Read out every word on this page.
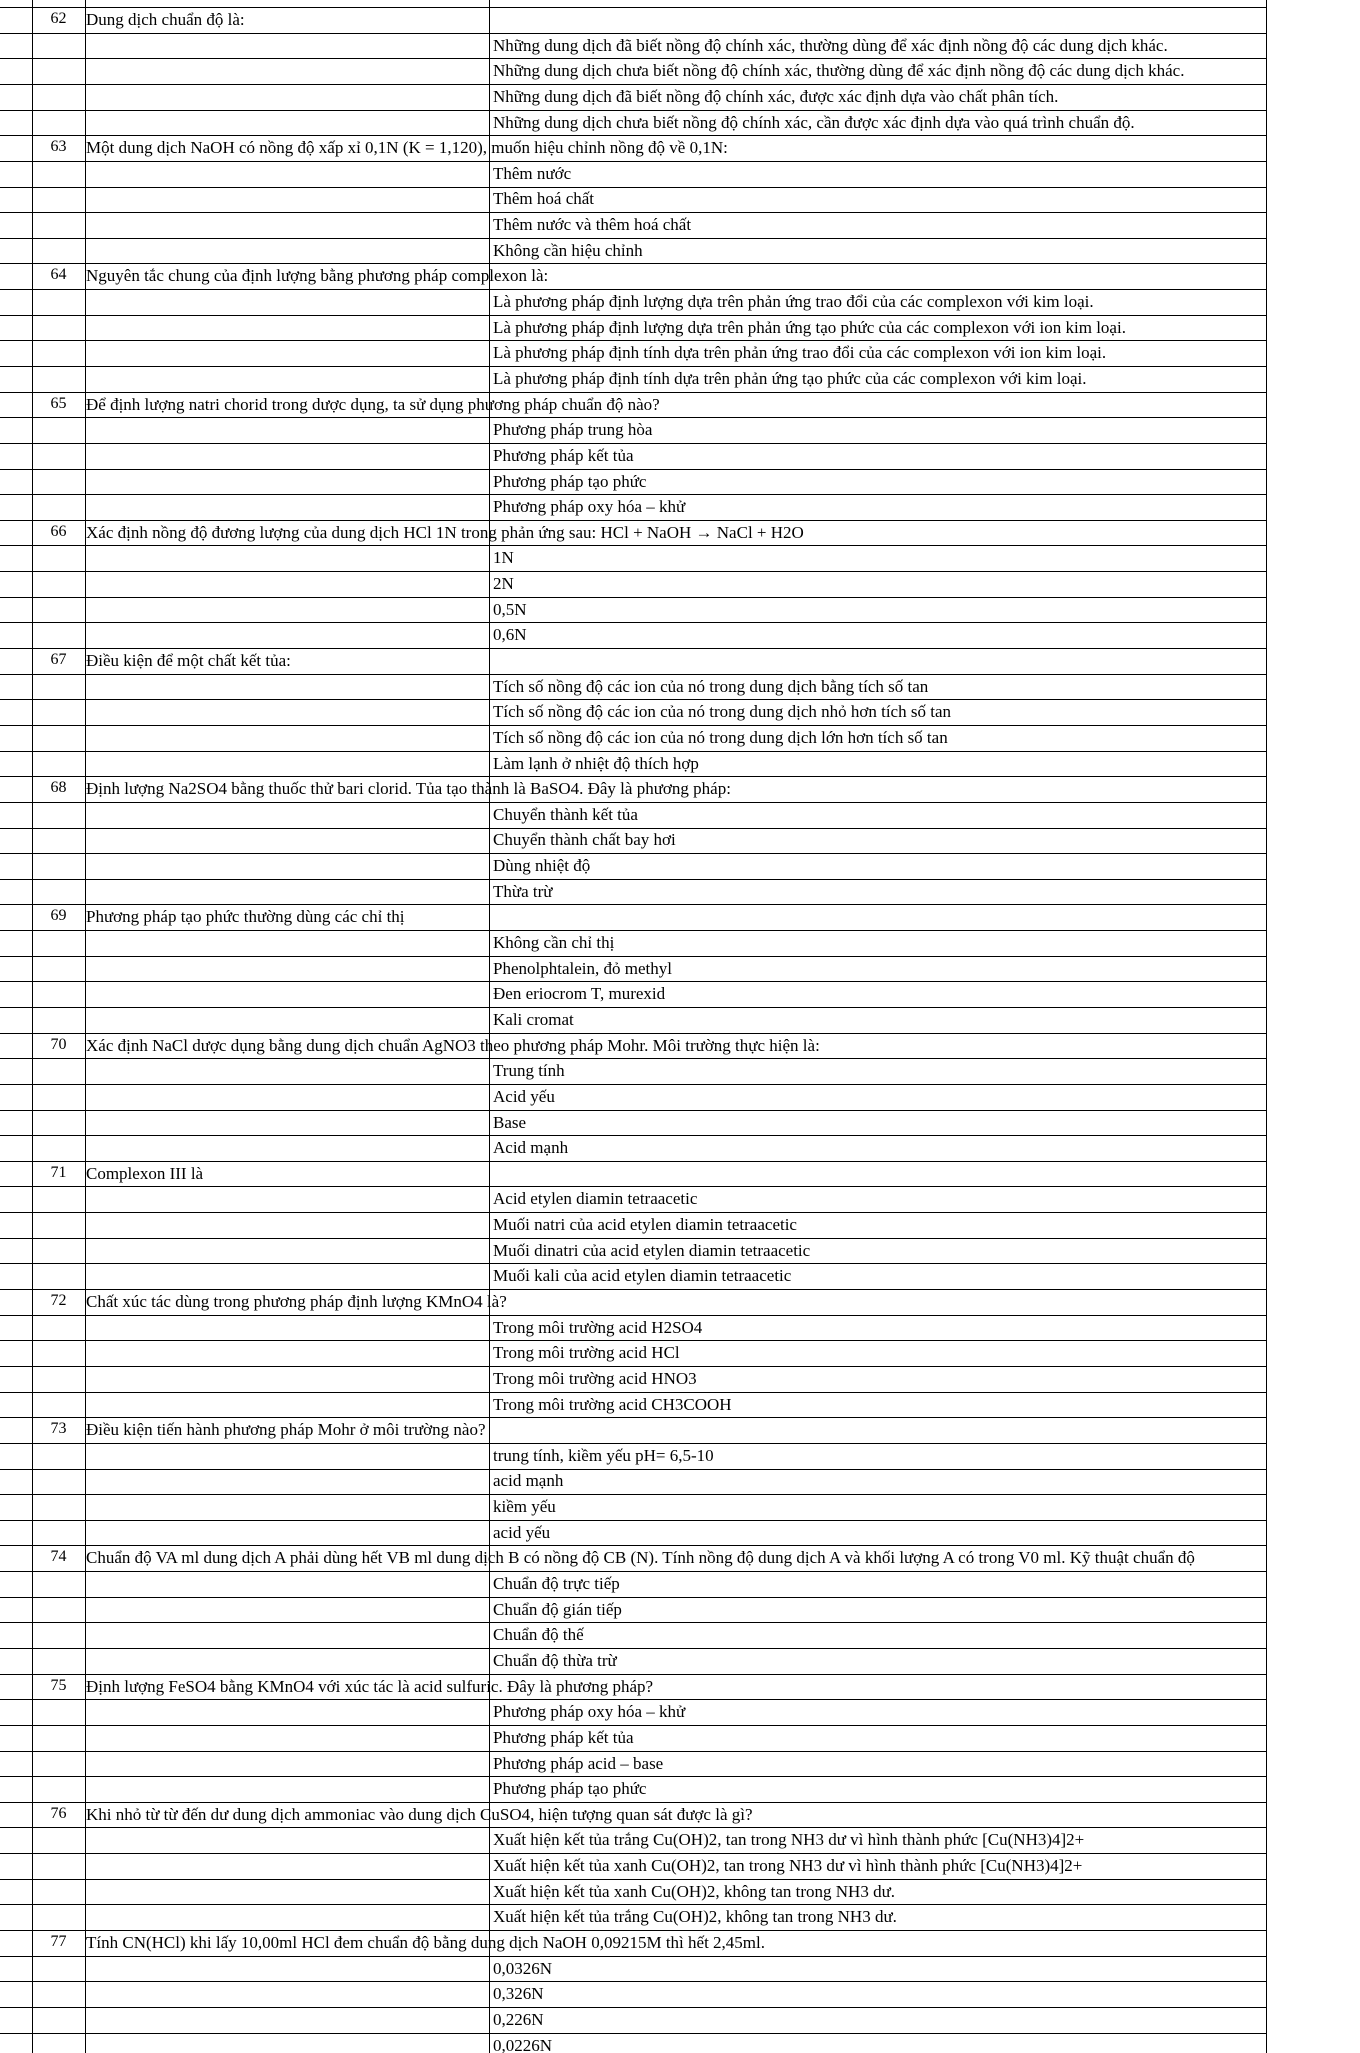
62	Dung dịch chuẩn độ là:
Những dung dịch đã biết nồng độ chính xác, thường dùng để xác định nồng độ các dung dịch khác.
Những dung dịch chưa biết nồng độ chính xác, thường dùng để xác định nồng độ các dung dịch khác.
Những dung dịch đã biết nồng độ chính xác, được xác định dựa vào chất phân tích.
Những dung dịch chưa biết nồng độ chính xác, cần được xác định dựa vào quá trình chuẩn độ.
63	Một dung dịch NaOH có nồng độ xấp xỉ 0,1N (K = 1,120), muốn hiệu chỉnh nồng độ về 0,1N:
Thêm nước
Thêm hoá chất
Thêm nước và thêm hoá chất
Không cần hiệu chỉnh
64	Nguyên tắc chung của định lượng bằng phương pháp complexon là:
Là phương pháp định lượng dựa trên phản ứng trao đổi của các complexon với kim loại.
Là phương pháp định lượng dựa trên phản ứng tạo phức của các complexon với ion kim loại.
Là phương pháp định tính dựa trên phản ứng trao đổi của các complexon với ion kim loại.
Là phương pháp định tính dựa trên phản ứng tạo phức của các complexon với kim loại.
65	Để định lượng natri chorid trong dược dụng, ta sử dụng phương pháp chuẩn độ nào?
Phương pháp trung hòa
Phương pháp kết tủa
Phương pháp tạo phức
Phương pháp oxy hóa – khử
66	Xác định nồng độ đương lượng của dung dịch HCl 1N trong phản ứng sau: HCl + NaOH → NaCl + H2O
1N
2N
0,5N
0,6N
67	Điều kiện để một chất kết tủa:
Tích số nồng độ các ion của nó trong dung dịch bằng tích số tan
Tích số nồng độ các ion của nó trong dung dịch nhỏ hơn tích số tan
Tích số nồng độ các ion của nó trong dung dịch lớn hơn tích số tan
Làm lạnh ở nhiệt độ thích hợp
68	Định lượng Na2SO4 bằng thuốc thử bari clorid. Tủa tạo thành là BaSO4. Đây là phương pháp:
Chuyển thành kết tủa
Chuyển thành chất bay hơi
Dùng nhiệt độ
Thừa trừ
69	Phương pháp tạo phức thường dùng các chỉ thị
Không cần chỉ thị
Phenolphtalein, đỏ methyl
Đen eriocrom T, murexid
Kali cromat
70	Xác định NaCl dược dụng bằng dung dịch chuẩn AgNO3 theo phương pháp Mohr. Môi trường thực hiện là:
Trung tính
Acid yếu
Base
Acid mạnh
71	Complexon III là
Acid etylen diamin tetraacetic
Muối natri của acid etylen diamin tetraacetic
Muối dinatri của acid etylen diamin tetraacetic
Muối kali của acid etylen diamin tetraacetic
72	Chất xúc tác dùng trong phương pháp định lượng KMnO4 là?
Trong môi trường acid H2SO4
Trong môi trường acid HCl
Trong môi trường acid HNO3
Trong môi trường acid CH3COOH
73	Điều kiện tiến hành phương pháp Mohr ở môi trường nào?
trung tính, kiềm yếu pH= 6,5-10
acid mạnh
kiềm yếu
acid yếu
74	Chuẩn độ VA ml dung dịch A phải dùng hết VB ml dung dịch B có nồng độ CB (N). Tính nồng độ dung dịch A và khối lượng A có trong V0 ml. Kỹ thuật chuẩn độ
Chuẩn độ trực tiếp
Chuẩn độ gián tiếp
Chuẩn độ thế
Chuẩn độ thừa trừ
75	Định lượng FeSO4 bằng KMnO4 với xúc tác là acid sulfuric. Đây là phương pháp?
Phương pháp oxy hóa – khử
Phương pháp kết tủa
Phương pháp acid – base
Phương pháp tạo phức
76	Khi nhỏ từ từ đến dư dung dịch ammoniac vào dung dịch CuSO4, hiện tượng quan sát được là gì?
Xuất hiện kết tủa trắng Cu(OH)2, tan trong NH3 dư vì hình thành phức [Cu(NH3)4]2+
Xuất hiện kết tủa xanh Cu(OH)2, tan trong NH3 dư vì hình thành phức [Cu(NH3)4]2+
Xuất hiện kết tủa xanh Cu(OH)2, không tan trong NH3 dư.
Xuất hiện kết tủa trắng Cu(OH)2, không tan trong NH3 dư.
77	Tính CN(HCl) khi lấy 10,00ml HCl đem chuẩn độ bằng dung dịch NaOH 0,09215M thì hết 2,45ml.
0,0326N
0,326N
0,226N
0,0226N
